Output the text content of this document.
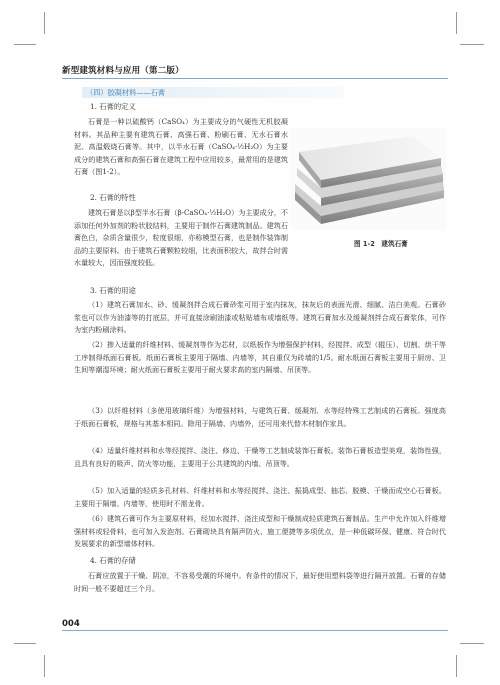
新型建筑材料与应用（第二版）
（四）胶凝材料——石膏
1. 石膏的定义
石膏是一种以硫酸钙（CaSO₄）为主要成分的气硬性无机胶凝材料。其品种主要有建筑石膏、高强石膏、粉刷石膏、无水石膏水泥、高温煅烧石膏等。其中，以半水石膏（CaSO₄·½H₂O）为主要成分的建筑石膏和高强石膏在建筑工程中应用较多，最常用的是建筑石膏（图1-2）。
图 1-2　建筑石膏
2. 石膏的特性
建筑石膏是以β型半水石膏（β-CaSO₄·½H₂O）为主要成分，不添加任何外加剂的粉状胶结料，主要用于制作石膏建筑制品。建筑石膏色白，杂质含量很少，粒度很细，亦称模型石膏，也是制作装饰制品的主要原料。由于建筑石膏颗粒较细，比表面积较大，故拌合时需水量较大，因而强度较低。
3. 石膏的用途
（1）建筑石膏加水、砂、缓凝剂拌合成石膏砂浆可用于室内抹灰，抹灰后的表面光滑、细腻、洁白美观。石膏砂浆也可以作为油漆等的打底层，并可直接涂刷油漆或粘贴墙布或墙纸等。建筑石膏加水及缓凝剂拌合成石膏浆体，可作为室内粉刷涂料。
（2）掺入适量的纤维材料、缓凝剂等作为芯材，以纸板作为增强保护材料，经搅拌、成型（辊压）、切割、烘干等工序制得纸面石膏板。纸面石膏板主要用于隔墙、内墙等，其自重仅为砖墙的1/5。耐水纸面石膏板主要用于厨房、卫生间等潮湿环境；耐火纸面石膏板主要用于耐火要求高的室内隔墙、吊顶等。
（3）以纤维材料（多使用玻璃纤维）为增强材料，与建筑石膏、缓凝剂、水等经特殊工艺制成的石膏板。强度高于纸面石膏板，规格与其基本相同。除用于隔墙、内墙外，还可用来代替木材制作家具。
（4）适量纤维材料和水等经搅拌、浇注、修边、干燥等工艺制成装饰石膏板。装饰石膏板造型美观，装饰性强，且具有良好的吸声、防火等功能，主要用于公共建筑的内墙、吊顶等。
（5）加入适量的轻质多孔材料、纤维材料和水等经搅拌、浇注、振捣成型、抽芯、脱模、干燥而成空心石膏板。主要用于隔墙、内墙等，使用时不需龙骨。
（6）建筑石膏可作为主要原材料，经加水搅拌、浇注成型和干燥制成轻质建筑石膏制品。生产中允许加入纤维增强材料或轻骨料，也可加入发泡剂。石膏砌块具有隔声防火、施工便捷等多项优点，是一种低碳环保、健康、符合时代发展要求的新型墙体材料。
4. 石膏的存储
石膏应放置于干燥、阴凉，不容易受潮的环境中。有条件的情况下，最好使用塑料袋等进行隔开放置。石膏的存储时间一般不要超过三个月。
004
